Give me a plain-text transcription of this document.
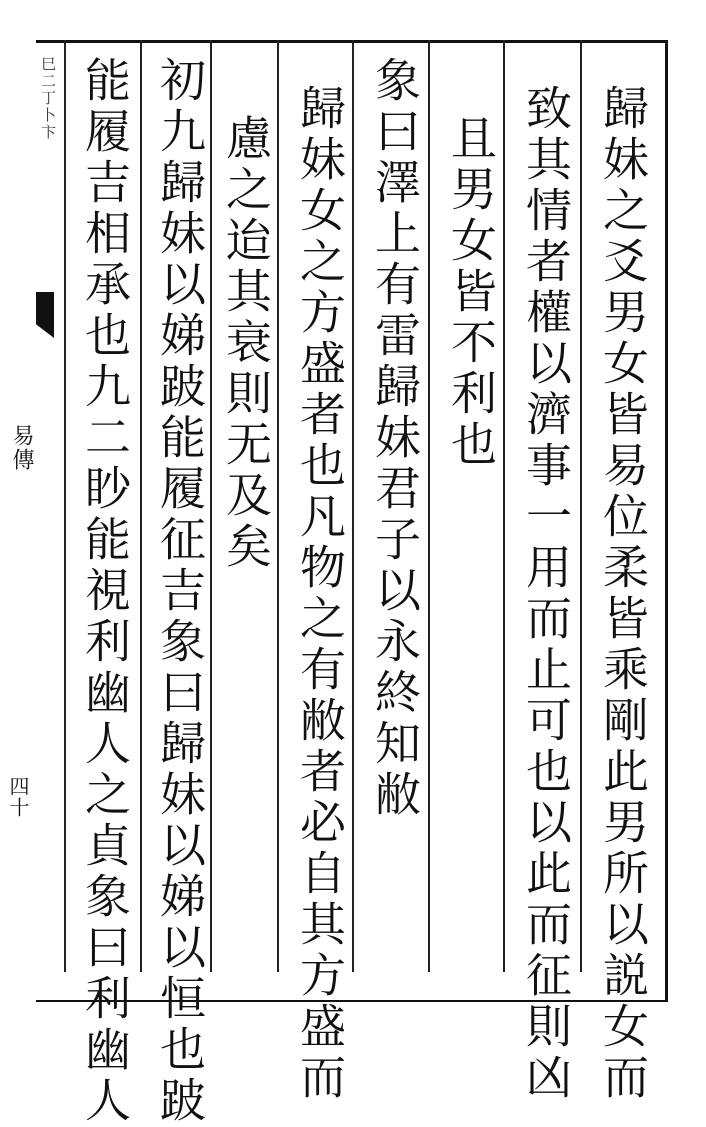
歸妹之爻男女皆易位柔皆乘剛此男所以説女而
致其情者權以濟事一用而止可也以此而征則凶
且男女皆不利也
象曰澤上有雷歸妹君子以永終知敝
歸妹女之方盛者也凡物之有敝者必自其方盛而
慮之迨其衰則无及矣
初九歸妹以娣跛能履征吉象曰歸妹以娣以恒也跛
能履吉相承也九二眇能視利幽人之貞象曰利幽人
巳二丁卜卞
易傳
四十
